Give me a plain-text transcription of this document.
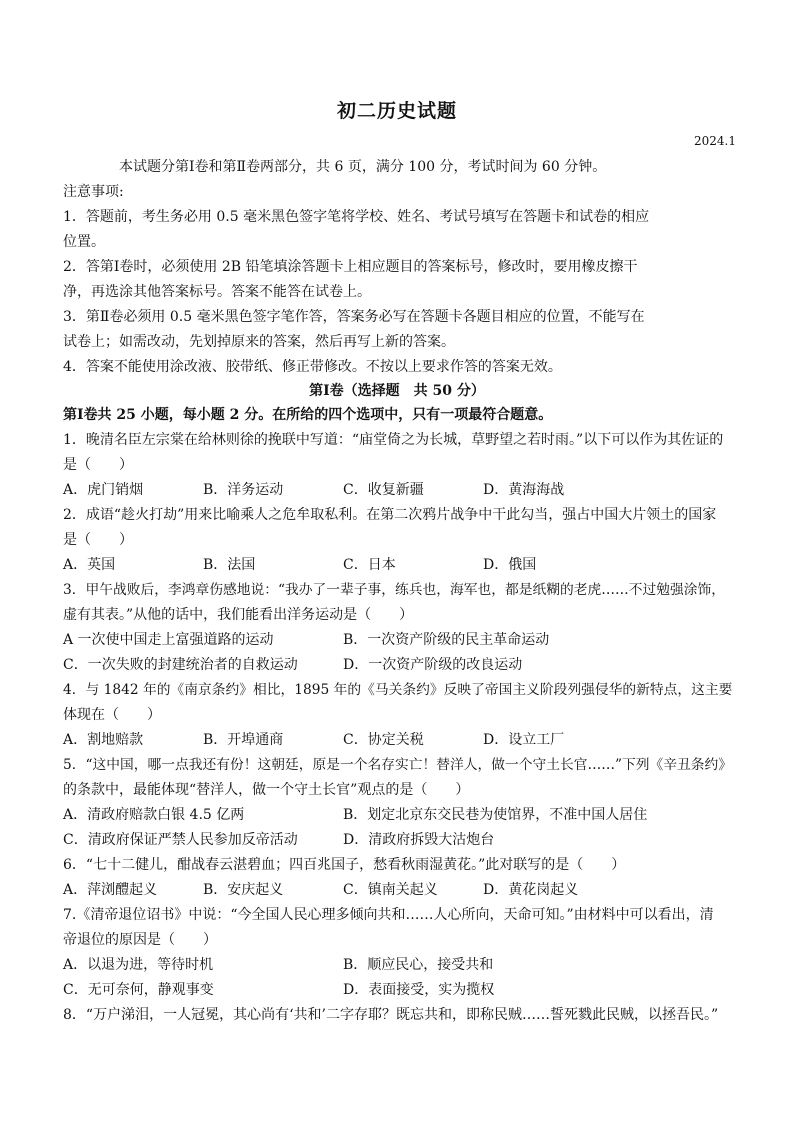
初二历史试题
2024.1
本试题分第Ⅰ卷和第Ⅱ卷两部分，共 6 页，满分 100 分，考试时间为 60 分钟。
注意事项:
1．答题前，考生务必用 0.5 毫米黑色签字笔将学校、姓名、考试号填写在答题卡和试卷的相应
位置。
2．答第Ⅰ卷时，必须使用 2B 铅笔填涂答题卡上相应题目的答案标号，修改时，要用橡皮擦干
净，再选涂其他答案标号。答案不能答在试卷上。
3．第Ⅱ卷必须用 0.5 毫米黑色签字笔作答，答案务必写在答题卡各题目相应的位置，不能写在
试卷上；如需改动，先划掉原来的答案，然后再写上新的答案。
4．答案不能使用涂改液、胶带纸、修正带修改。不按以上要求作答的答案无效。
第Ⅰ卷（选择题　共 50 分）
第Ⅰ卷共 25 小题，每小题 2 分。在所给的四个选项中，只有一项最符合题意。
1．晚清名臣左宗棠在给林则徐的挽联中写道：“庙堂倚之为长城，草野望之若时雨。”以下可以作为其佐证的
是（　　）
A．虎门销烟	B．洋务运动	C．收复新疆	D．黄海海战
2．成语“趁火打劫”用来比喻乘人之危牟取私利。在第二次鸦片战争中干此勾当，强占中国大片领土的国家
是（　　）
A．英国	B．法国	C．日本	D．俄国
3．甲午战败后，李鸿章伤感地说：“我办了一辈子事，练兵也，海军也，都是纸糊的老虎……不过勉强涂饰，
虚有其表。”从他的话中，我们能看出洋务运动是（　　）
A 一次使中国走上富强道路的运动	B．一次资产阶级的民主革命运动
C．一次失败的封建统治者的自救运动	D．一次资产阶级的改良运动
4．与 1842 年的《南京条约》相比，1895 年的《马关条约》反映了帝国主义阶段列强侵华的新特点，这主要
体现在（　　）
A．割地赔款	B．开埠通商	C．协定关税	D．设立工厂
5．“这中国，哪一点我还有份！这朝廷，原是一个名存实亡！替洋人，做一个守土长官……”下列《辛丑条约》
的条款中，最能体现“替洋人，做一个守土长官”观点的是（　　）
A．清政府赔款白银 4.5 亿两	B．划定北京东交民巷为使馆界，不准中国人居住
C．清政府保证严禁人民参加反帝活动	D．清政府拆毁大沽炮台
6．“七十二健儿，酣战春云湛碧血；四百兆国子，愁看秋雨湿黄花。”此对联写的是（　　）
A．萍浏醴起义	B．安庆起义	C．镇南关起义	D．黄花岗起义
7.《清帝退位诏书》中说：“今全国人民心理多倾向共和……人心所向，天命可知。”由材料中可以看出，清
帝退位的原因是（　　）
A．以退为进，等待时机	B．顺应民心，接受共和
C．无可奈何，静观事变	D．表面接受，实为揽权
8．“万户涕泪，一人冠冕，其心尚有‘共和’二字存耶？既忘共和，即称民贼……誓死戮此民贼，以拯吾民。”
